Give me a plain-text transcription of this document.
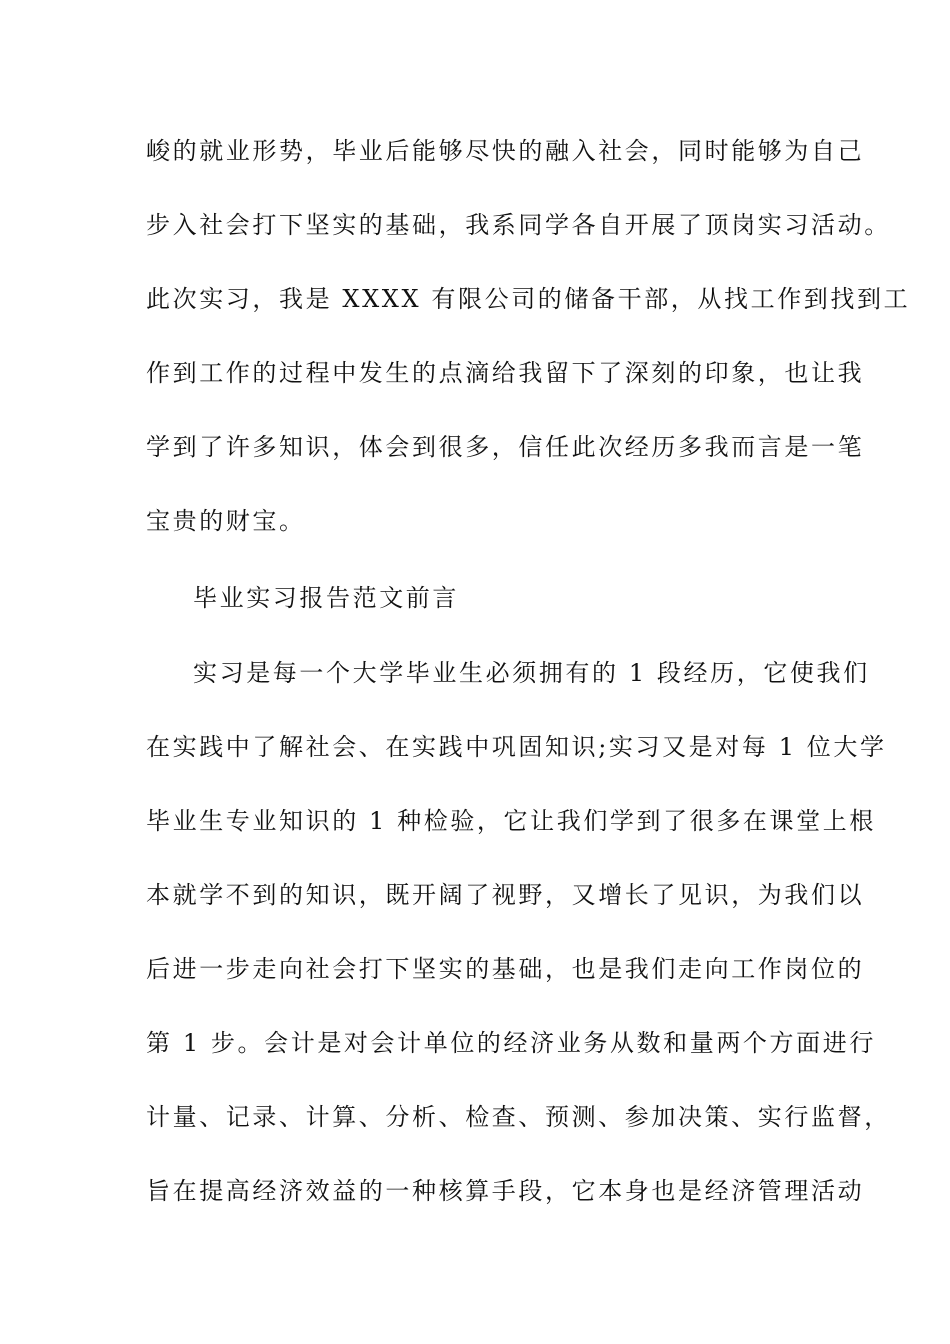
峻的就业形势，毕业后能够尽快的融入社会，同时能够为自己
步入社会打下坚实的基础，我系同学各自开展了顶岗实习活动。
此次实习，我是 XXXX 有限公司的储备干部，从找工作到找到工
作到工作的过程中发生的点滴给我留下了深刻的印象，也让我
学到了许多知识，体会到很多，信任此次经历多我而言是一笔
宝贵的财宝。
毕业实习报告范文前言
实习是每一个大学毕业生必须拥有的 1 段经历，它使我们
在实践中了解社会、在实践中巩固知识;实习又是对每 1 位大学
毕业生专业知识的 1 种检验，它让我们学到了很多在课堂上根
本就学不到的知识，既开阔了视野，又增长了见识，为我们以
后进一步走向社会打下坚实的基础，也是我们走向工作岗位的
第 1 步。会计是对会计单位的经济业务从数和量两个方面进行
计量、记录、计算、分析、检查、预测、参加决策、实行监督，
旨在提高经济效益的一种核算手段，它本身也是经济管理活动
